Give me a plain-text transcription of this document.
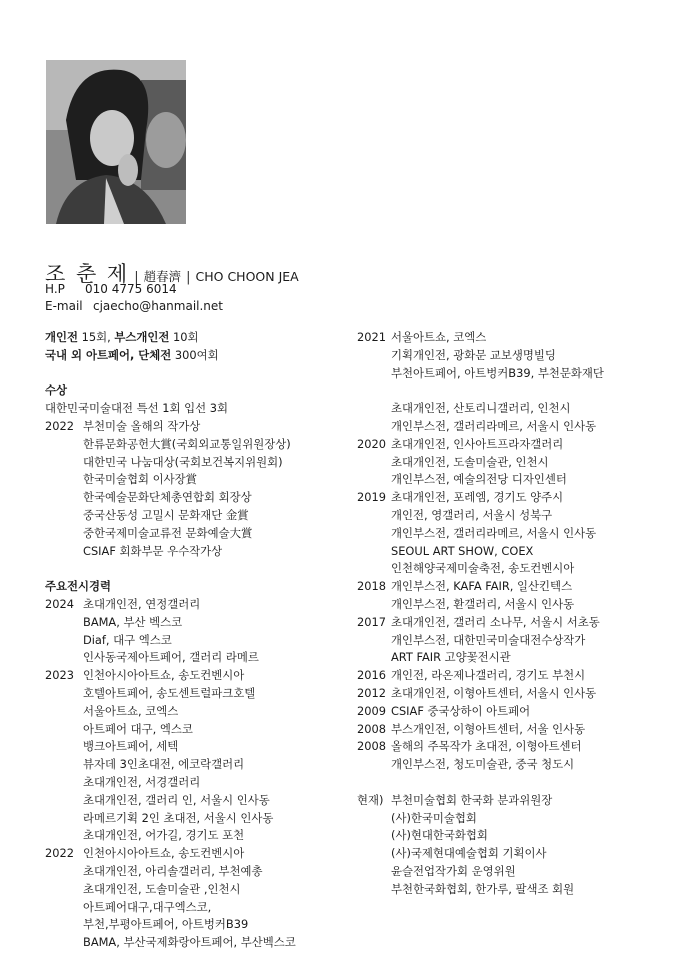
조 춘 제 | 趙春濟 | CHO CHOON JEA
H.P 010 4775 6014
E-mail cjaecho@hanmail.net
개인전 15회, 부스개인전 10회
국내 외 아트페어, 단체전 300여회
수상
대한민국미술대전 특선 1회 입선 3회
2022 부천미술 올해의 작가상
한류문화공헌大賞(국회외교통일위원장상)
대한민국 나눔대상(국회보건복지위원회)
한국미술협회 이사장賞
한국예술문화단체총연합회 회장상
중국산동성 고밀시 문화재단 金賞
중한국제미술교류전 문화예술大賞
CSIAF 회화부문 우수작가상
주요전시경력
2024 초대개인전, 연정갤러리
BAMA, 부산 벡스코
Diaf, 대구 엑스코
인사동국제아트페어, 갤러리 라메르
2023 인천아시아아트쇼, 송도컨벤시아
호텔아트페어, 송도센트럴파크호텔
서울아트쇼, 코엑스
아트페어 대구, 엑스코
뱅크아트페어, 세텍
뷰자데 3인초대전, 에코락갤러리
초대개인전, 서경갤러리
초대개인전, 갤러리 인, 서울시 인사동
라메르기획 2인 초대전, 서울시 인사동
초대개인전, 어가길, 경기도 포천
2022 인천아시아아트쇼, 송도컨벤시아
초대개인전, 아리솔갤러리, 부천예총
초대개인전, 도솔미술관 ,인천시
아트페어대구,대구엑스코,
부천,부평아트페어, 아트벙커B39
BAMA, 부산국제화랑아트페어, 부산벡스코
2021 서울아트쇼, 코엑스
기획개인전, 광화문 교보생명빌딩
부천아트페어, 아트벙커B39, 부천문화재단
초대개인전, 산토리니갤러리, 인천시
개인부스전, 갤러리라메르, 서울시 인사동
2020 초대개인전, 인사아트프라자갤러리
초대개인전, 도솔미술관, 인천시
개인부스전, 예술의전당 디자인센터
2019 초대개인전, 포레엠, 경기도 양주시
개인전, 영갤러리, 서울시 성북구
개인부스전, 갤러리라메르, 서울시 인사동
SEOUL ART SHOW, COEX
인천해양국제미술축전, 송도컨벤시아
2018 개인부스전, KAFA FAIR, 일산킨텍스
개인부스전, 환갤러리, 서울시 인사동
2017 초대개인전, 갤러리 소나무, 서울시 서초동
개인부스전, 대한민국미술대전수상작가
ART FAIR 고양꽃전시관
2016 개인전, 라온제나갤러리, 경기도 부천시
2012 초대개인전, 이형아트센터, 서울시 인사동
2009 CSIAF 중국상하이 아트페어
2008 부스개인전, 이형아트센터, 서울 인사동
2008 올해의 주목작가 초대전, 이형아트센터
개인부스전, 청도미술관, 중국 청도시
현재) 부천미술협회 한국화 분과위원장
(사)한국미술협회
(사)현대한국화협회
(사)국제현대예술협회 기획이사
윤슬전업작가회 운영위원
부천한국화협회, 한가루, 팔색조 회원
